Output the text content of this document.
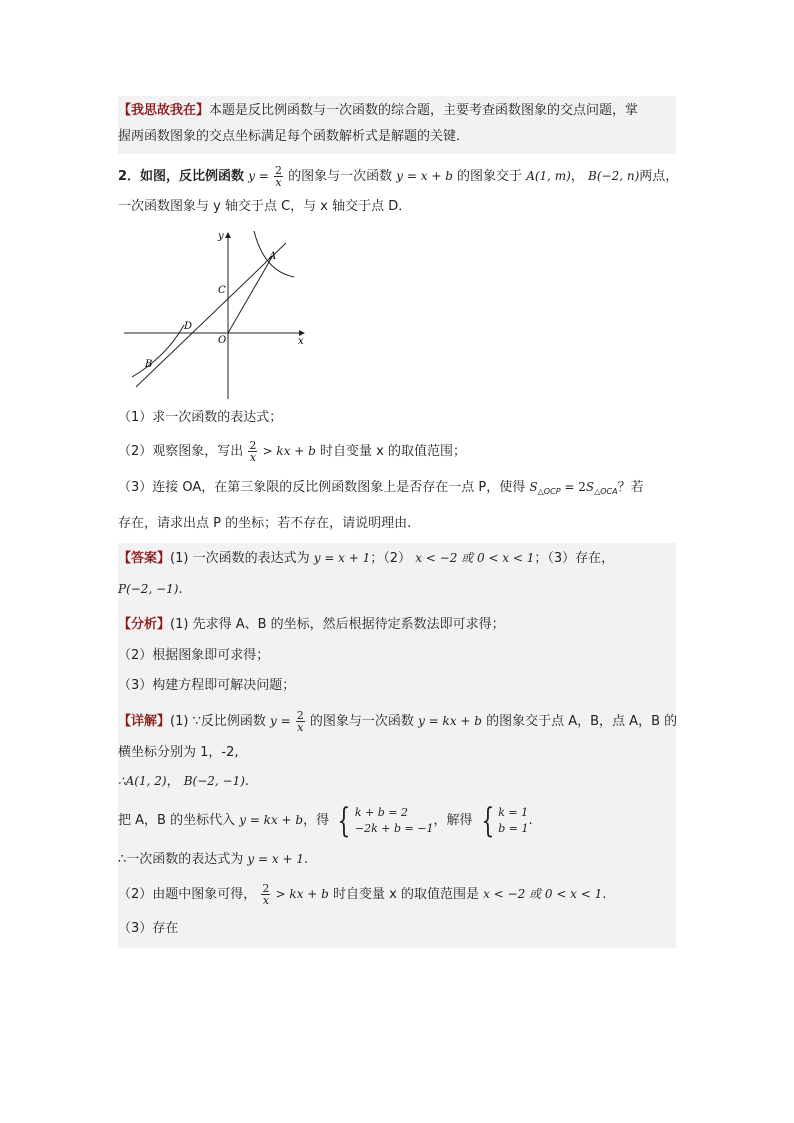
【我思故我在】本题是反比例函数与一次函数的综合题，主要考查函数图象的交点问题，掌
握两函数图象的交点坐标满足每个函数解析式是解题的关键．
2．如图，反比例函数 $y = \frac{2}{x}$ 的图象与一次函数 y = x + b 的图象交于 A(1, m)， B(−2, n)两点，
一次函数图象与 y 轴交于点 C，与 x 轴交于点 D．
y
x
A
B
C
D
O
（1）求一次函数的表达式；
（2）观察图象，写出 $\frac{2}{x}$ > kx + b 时自变量 x 的取值范围；
（3）连接 OA，在第三象限的反比例函数图象上是否存在一点 P，使得 $S_{\triangle OCP} = 2S_{\triangle OCA}$？若
存在，请求出点 P 的坐标；若不存在，请说明理由.
【答案】(1) 一次函数的表达式为 y = x + 1；（2） x < −2 或 0 < x < 1；（3）存在，
P(−2, −1).
【分析】(1) 先求得 A、B 的坐标，然后根据待定系数法即可求得；
（2）根据图象即可求得；
（3）构建方程即可解决问题；
【详解】(1) ∵反比例函数 $y = \frac{2}{x}$ 的图象与一次函数 y = kx + b 的图象交于点 A，B，点 A，B 的
横坐标分别为 1，-2,
∴A(1, 2)， B(−2, −1).
把 A，B 的坐标代入 y = kx + b，得 { k + b = 2
−2k + b = −1 ，解得 { k = 1
b = 1 .
∴一次函数的表达式为 y = x + 1.
（2）由题中图象可得， $\frac{2}{x}$ > kx + b 时自变量 x 的取值范围是 x < −2 或 0 < x < 1.
（3）存在
